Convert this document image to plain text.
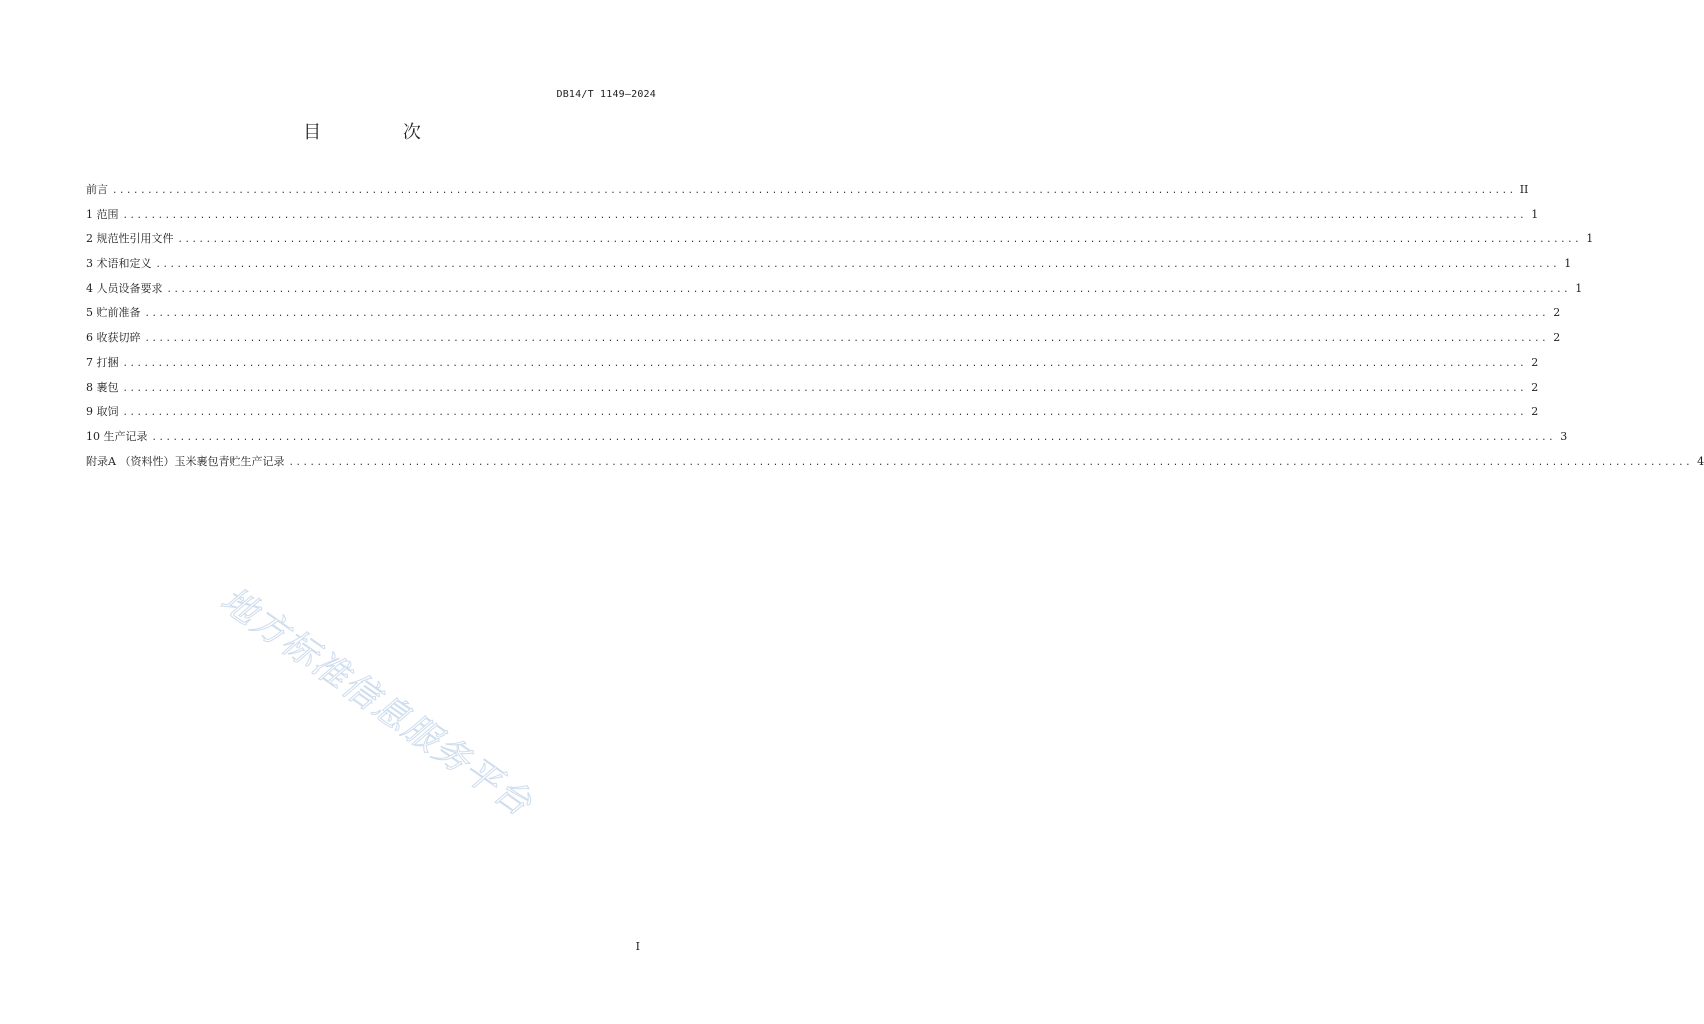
DB14/T 1149—2024
目 次
前言 ........................................................................................................................................................................................................ II
1 范围 ........................................................................................................................................................................................................ 1
2 规范性引用文件 ........................................................................................................................................................................................................ 1
3 术语和定义 ........................................................................................................................................................................................................ 1
4 人员设备要求 ........................................................................................................................................................................................................ 1
5 贮前准备 ........................................................................................................................................................................................................ 2
6 收获切碎 ........................................................................................................................................................................................................ 2
7 打捆 ........................................................................................................................................................................................................ 2
8 裹包 ........................................................................................................................................................................................................ 2
9 取饲 ........................................................................................................................................................................................................ 2
10 生产记录 ........................................................................................................................................................................................................ 3
附录A （资料性）玉米裹包青贮生产记录 ........................................................................................................................................................................................................ 4
地方标准信息服务平台
I
